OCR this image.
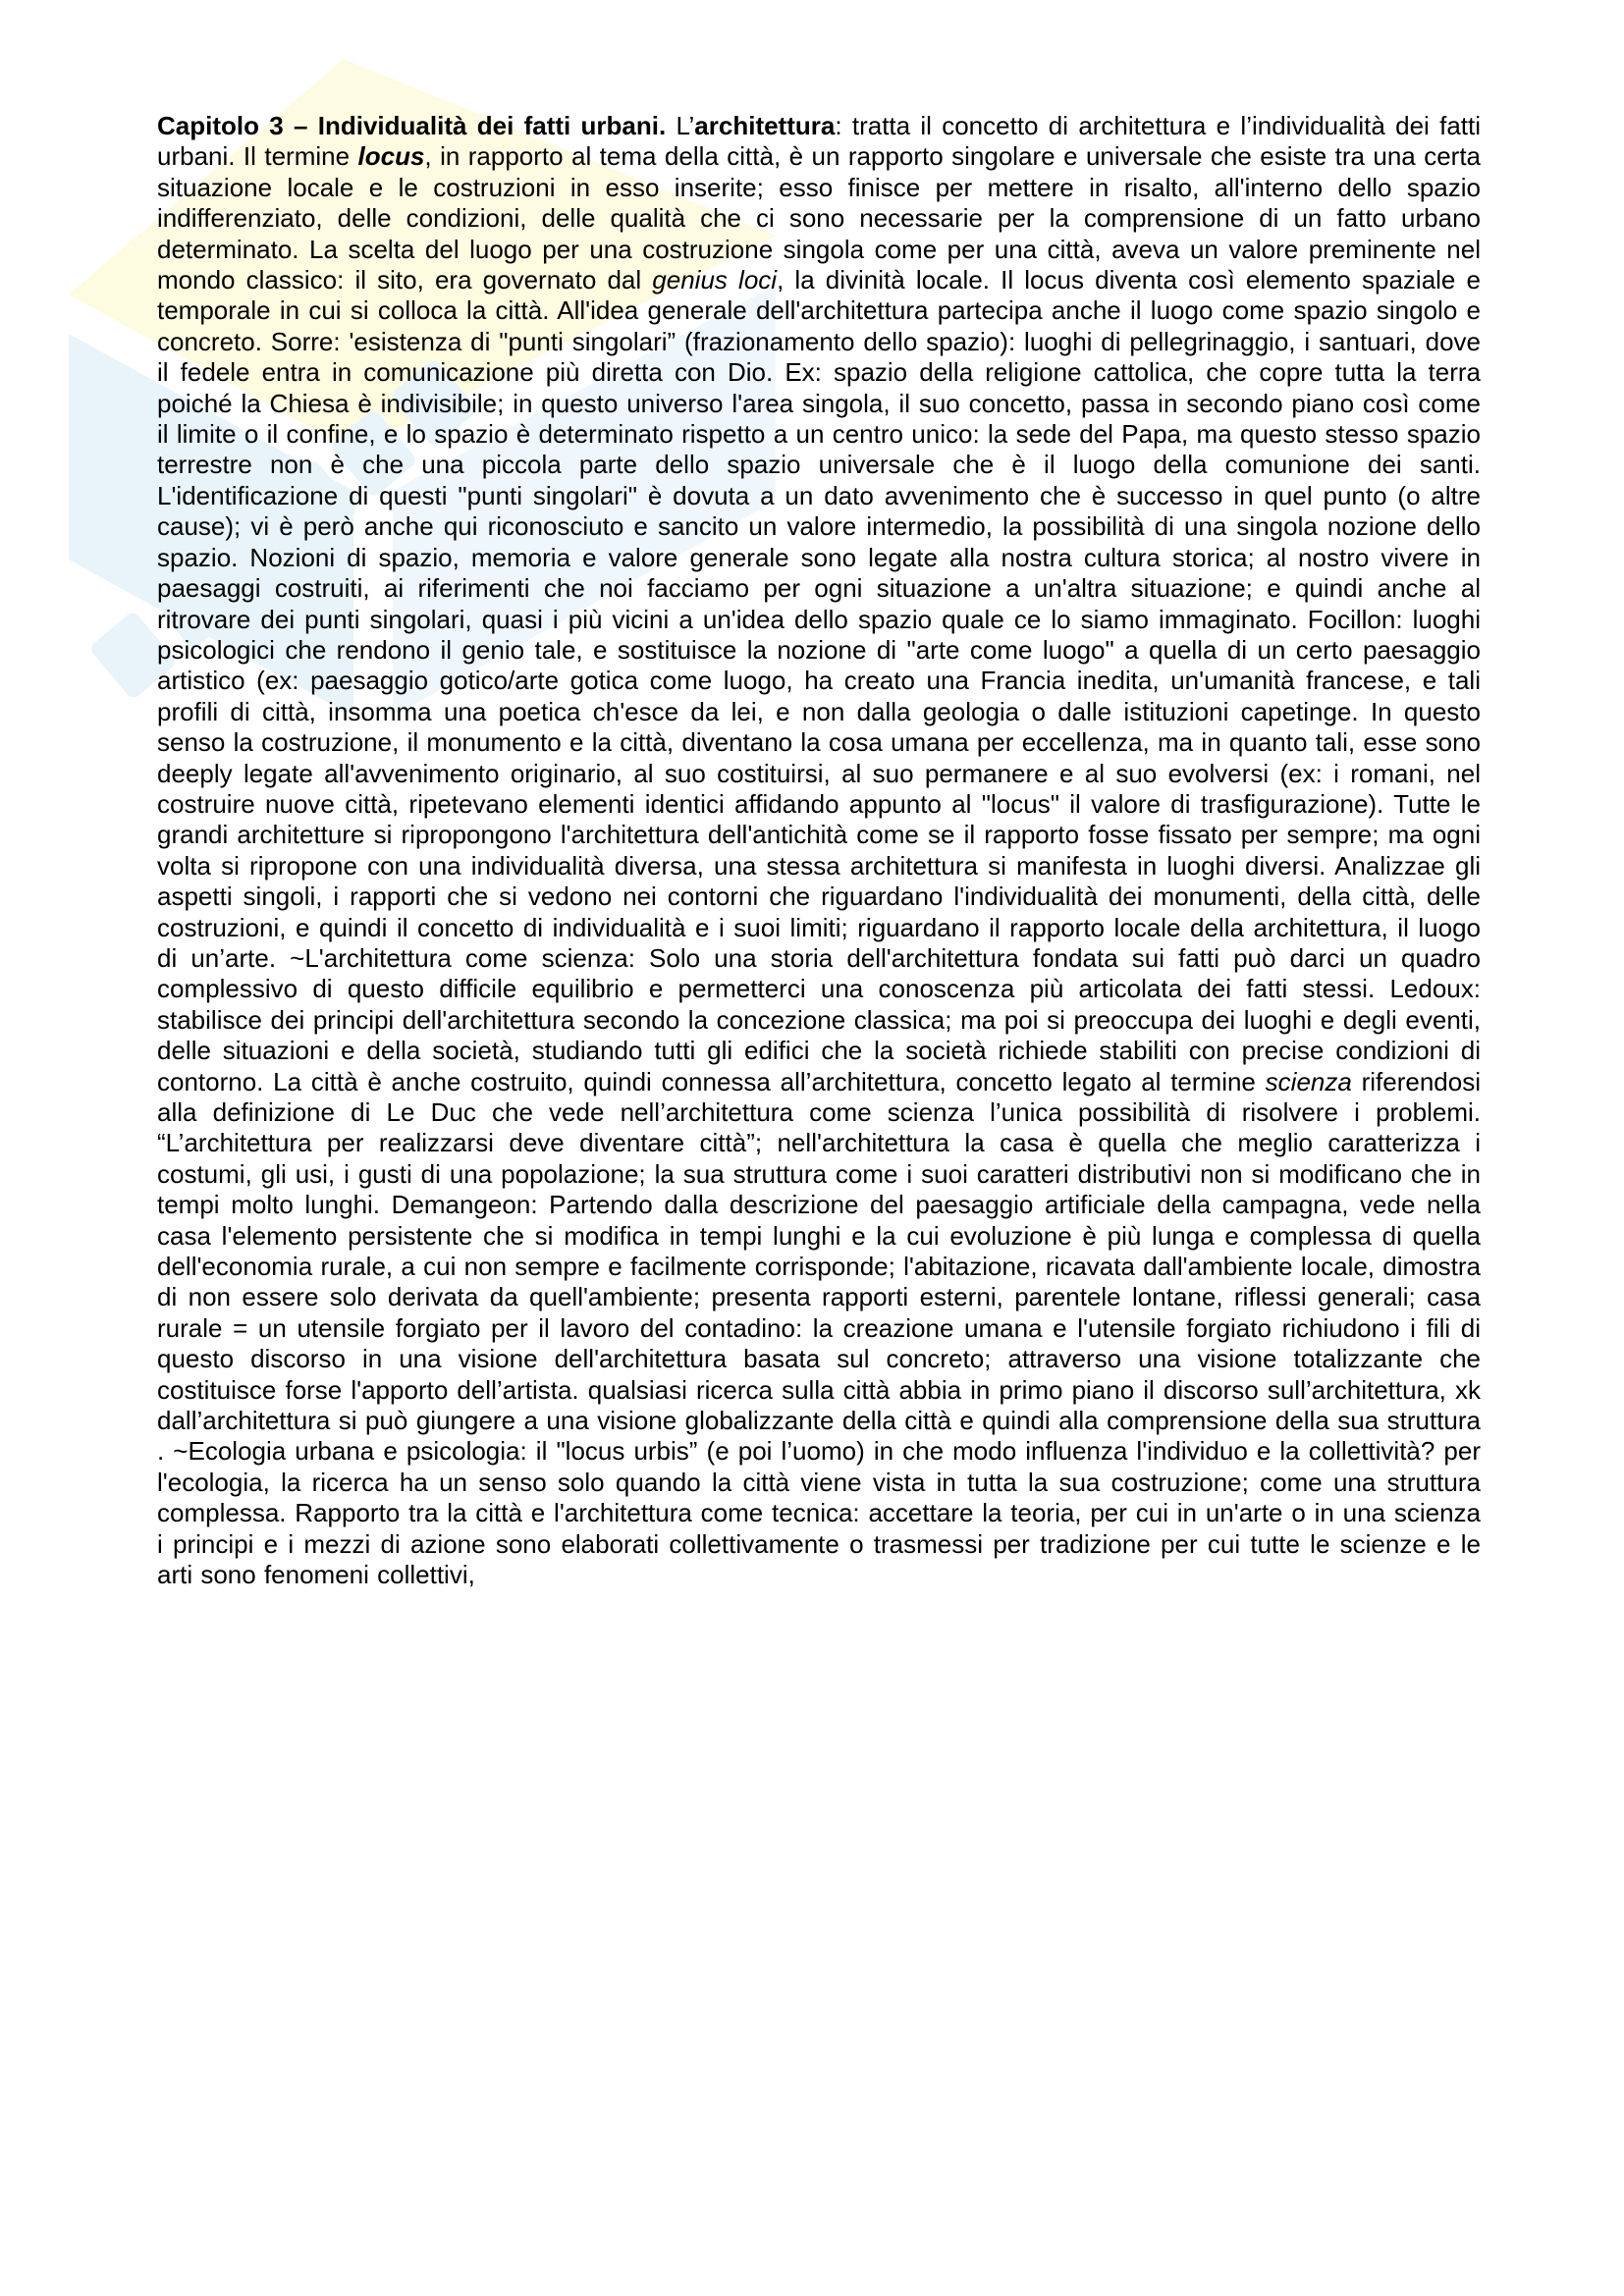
Capitolo 3 – Individualità dei fatti urbani. L’architettura: tratta il concetto di architettura e l’individualità dei fatti urbani. Il termine locus, in rapporto al tema della città, è un rapporto singolare e universale che esiste tra una certa situazione locale e le costruzioni in esso inserite; esso finisce per mettere in risalto, all'interno dello spazio indifferenziato, delle condizioni, delle qualità che ci sono necessarie per la comprensione di un fatto urbano determinato. La scelta del luogo per una costruzione singola come per una città, aveva un valore preminente nel mondo classico: il sito, era governato dal genius loci, la divinità locale. Il locus diventa così elemento spaziale e temporale in cui si colloca la città. All'idea generale dell'architettura partecipa anche il luogo come spazio singolo e concreto. Sorre: 'esistenza di "punti singolari” (frazionamento dello spazio): luoghi di pellegrinaggio, i santuari, dove il fedele entra in comunicazione più diretta con Dio. Ex: spazio della religione cattolica, che copre tutta la terra poiché la Chiesa è indivisibile; in questo universo l'area singola, il suo concetto, passa in secondo piano così come il limite o il confine, e lo spazio è determinato rispetto a un centro unico: la sede del Papa, ma questo stesso spazio terrestre non è che una piccola parte dello spazio universale che è il luogo della comunione dei santi. L'identificazione di questi "punti singolari" è dovuta a un dato avvenimento che è successo in quel punto (o altre cause); vi è però anche qui riconosciuto e sancito un valore intermedio, la possibilità di una singola nozione dello spazio. Nozioni di spazio, memoria e valore generale sono legate alla nostra cultura storica; al nostro vivere in paesaggi costruiti, ai riferimenti che noi facciamo per ogni situazione a un'altra situazione; e quindi anche al ritrovare dei punti singolari, quasi i più vicini a un'idea dello spazio quale ce lo siamo immaginato. Focillon: luoghi psicologici che rendono il genio tale, e sostituisce la nozione di "arte come luogo" a quella di un certo paesaggio artistico (ex: paesaggio gotico/arte gotica come luogo, ha creato una Francia inedita, un'umanità francese, e tali profili di città, insomma una poetica ch'esce da lei, e non dalla geologia o dalle istituzioni capetinge. In questo senso la costruzione, il monumento e la città, diventano la cosa umana per eccellenza, ma in quanto tali, esse sono deeply legate all'avvenimento originario, al suo costituirsi, al suo permanere e al suo evolversi (ex: i romani, nel costruire nuove città, ripetevano elementi identici affidando appunto al "locus" il valore di trasfigurazione). Tutte le grandi architetture si ripropongono l'architettura dell'antichità come se il rapporto fosse fissato per sempre; ma ogni volta si ripropone con una individualità diversa, una stessa architettura si manifesta in luoghi diversi. Analizzae gli aspetti singoli, i rapporti che si vedono nei contorni che riguardano l'individualità dei monumenti, della città, delle costruzioni, e quindi il concetto di individualità e i suoi limiti; riguardano il rapporto locale della architettura, il luogo di un’arte. ~L'architettura come scienza: Solo una storia dell'architettura fondata sui fatti può darci un quadro complessivo di questo difficile equilibrio e permetterci una conoscenza più articolata dei fatti stessi. Ledoux: stabilisce dei principi dell'architettura secondo la concezione classica; ma poi si preoccupa dei luoghi e degli eventi, delle situazioni e della società, studiando tutti gli edifici che la società richiede stabiliti con precise condizioni di contorno. La città è anche costruito, quindi connessa all’architettura, concetto legato al termine scienza riferendosi alla definizione di Le Duc che vede nell’architettura come scienza l’unica possibilità di risolvere i problemi. “L’architettura per realizzarsi deve diventare città”; nell'architettura la casa è quella che meglio caratterizza i costumi, gli usi, i gusti di una popolazione; la sua struttura come i suoi caratteri distributivi non si modificano che in tempi molto lunghi. Demangeon: Partendo dalla descrizione del paesaggio artificiale della campagna, vede nella casa l'elemento persistente che si modifica in tempi lunghi e la cui evoluzione è più lunga e complessa di quella dell'economia rurale, a cui non sempre e facilmente corrisponde; l'abitazione, ricavata dall'ambiente locale, dimostra di non essere solo derivata da quell'ambiente; presenta rapporti esterni, parentele lontane, riflessi generali; casa rurale = un utensile forgiato per il lavoro del contadino: la creazione umana e l'utensile forgiato richiudono i fili di questo discorso in una visione dell'architettura basata sul concreto; attraverso una visione totalizzante che costituisce forse l'apporto dell’artista. qualsiasi ricerca sulla città abbia in primo piano il discorso sull’architettura, xk dall’architettura si può giungere a una visione globalizzante della città e quindi alla comprensione della sua struttura . ~Ecologia urbana e psicologia: il "locus urbis” (e poi l’uomo) in che modo influenza l'individuo e la collettività? per l'ecologia, la ricerca ha un senso solo quando la città viene vista in tutta la sua costruzione; come una struttura complessa. Rapporto tra la città e l'architettura come tecnica: accettare la teoria, per cui in un'arte o in una scienza i principi e i mezzi di azione sono elaborati collettivamente o trasmessi per tradizione per cui tutte le scienze e le arti sono fenomeni collettivi,
